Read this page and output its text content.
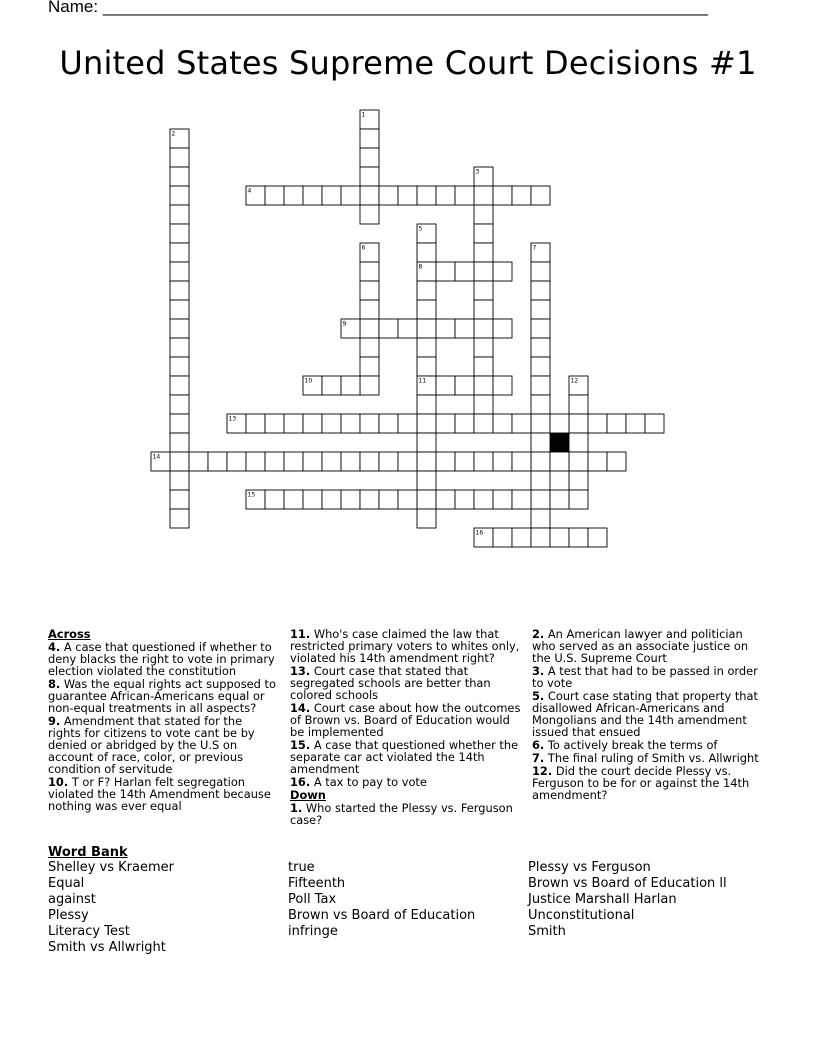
Name: ________________________________________________________________
United States Supreme Court Decisions #1
1
2
3
4
5
6	7
8
9
10	11	12
13
14
15
16
Across

4. A case that questioned if whether to deny blacks the right to vote in primary election violated the constitution

8. Was the equal rights act supposed to guarantee African-Americans equal or non-equal treatments in all aspects?

9. Amendment that stated for the rights for citizens to vote cant be by denied or abridged by the U.S on account of race, color, or previous condition of servitude

10. T or F? Harlan felt segregation violated the 14th Amendment because nothing was ever equal

11. Who's case claimed the law that restricted primary voters to whites only, violated his 14th amendment right?

13. Court case that stated that segregated schools are better than colored schools

14. Court case about how the outcomes of Brown vs. Board of Education would be implemented

15. A case that questioned whether the separate car act violated the 14th amendment

16. A tax to pay to vote

Down

1. Who started the Plessy vs. Ferguson case?

2. An American lawyer and politician who served as an associate justice on the U.S. Supreme Court

3. A test that had to be passed in order to vote

5. Court case stating that property that disallowed African-Americans and Mongolians and the 14th amendment issued that ensued

6. To actively break the terms of

7. The final ruling of Smith vs. Allwright

12. Did the court decide Plessy vs. Ferguson to be for or against the 14th amendment?

Word Bank
Shelley vs Kraemer
Equal
against
Plessy
Literacy Test
Smith vs Allwright
true
Fifteenth
Poll Tax
Brown vs Board of Education
infringe
Plessy vs Ferguson
Brown vs Board of Education ll
Justice Marshall Harlan
Unconstitutional
Smith
